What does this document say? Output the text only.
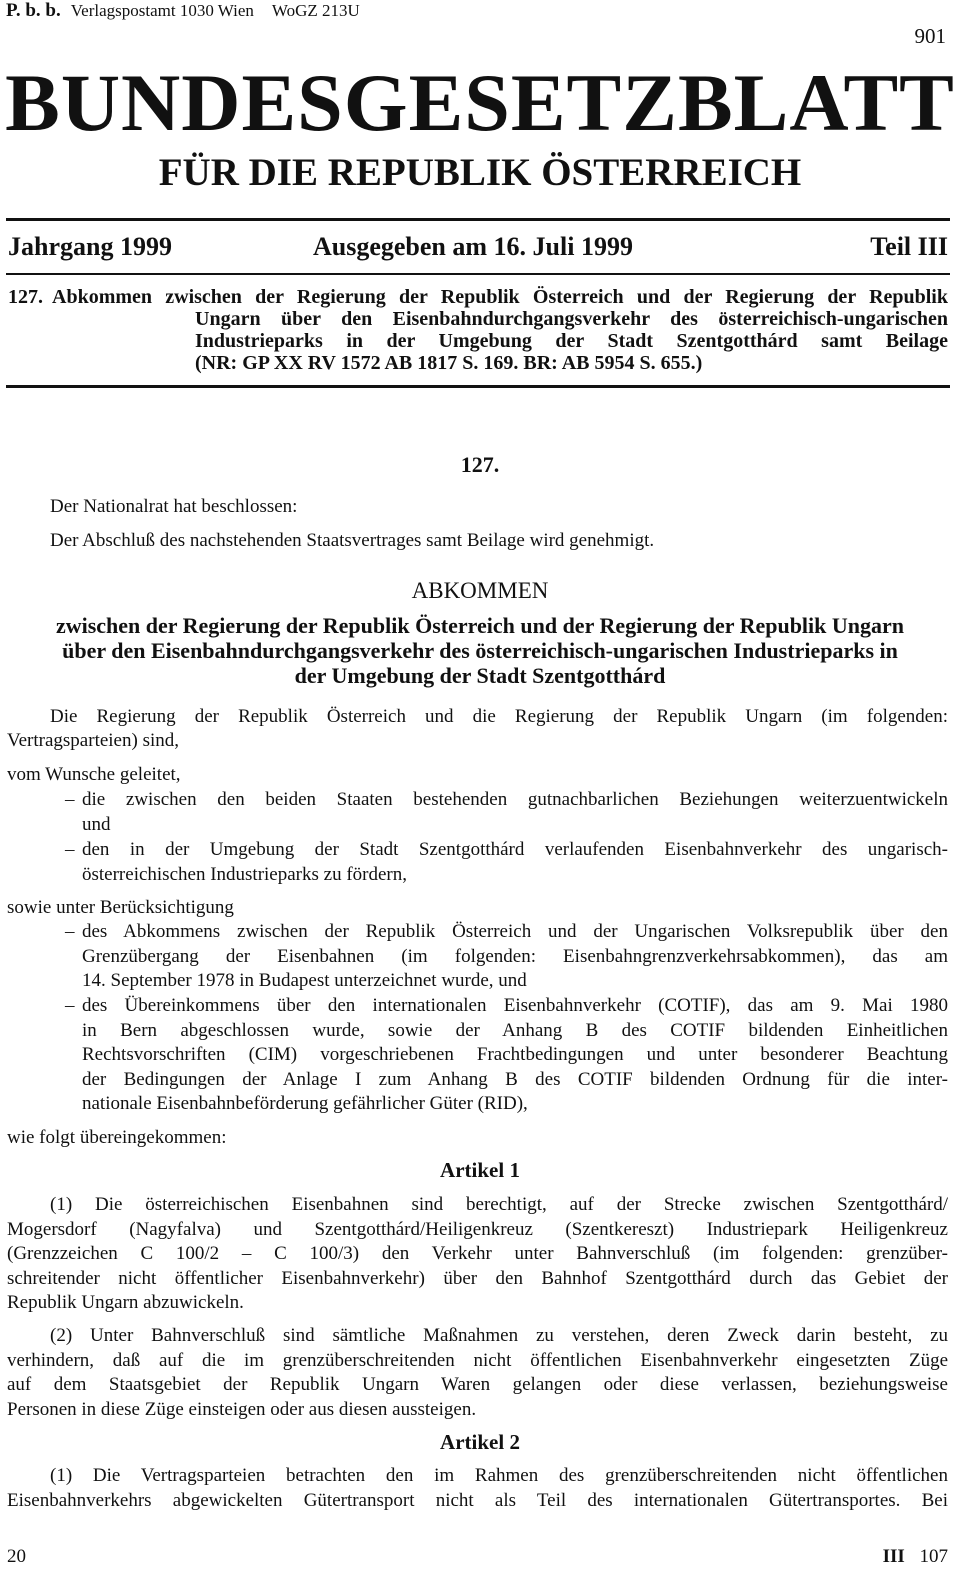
P. b. b. Verlagspostamt 1030 Wien WoGZ 213U
901
BUNDESGESETZBLATT
FÜR DIE REPUBLIK ÖSTERREICH
Jahrgang 1999	Ausgegeben am 16. Juli 1999	Teil III
127. Abkommen zwischen der Regierung der Republik Österreich und der Regierung der Republik
Ungarn über den Eisenbahndurchgangsverkehr des österreichisch-ungarischen
Industrieparks in der Umgebung der Stadt Szentgotthárd samt Beilage
(NR: GP XX RV 1572 AB 1817 S. 169. BR: AB 5954 S. 655.)
127.
Der Nationalrat hat beschlossen:
Der Abschluß des nachstehenden Staatsvertrages samt Beilage wird genehmigt.
ABKOMMEN
zwischen der Regierung der Republik Österreich und der Regierung der Republik Ungarn
über den Eisenbahndurchgangsverkehr des österreichisch-ungarischen Industrieparks in
der Umgebung der Stadt Szentgotthárd
Die Regierung der Republik Österreich und die Regierung der Republik Ungarn (im folgenden:
Vertragsparteien) sind,
vom Wunsche geleitet,
– die zwischen den beiden Staaten bestehenden gutnachbarlichen Beziehungen weiterzuentwickeln
und
– den in der Umgebung der Stadt Szentgotthárd verlaufenden Eisenbahnverkehr des ungarisch-
österreichischen Industrieparks zu fördern,
sowie unter Berücksichtigung
– des Abkommens zwischen der Republik Österreich und der Ungarischen Volksrepublik über den
Grenzübergang der Eisenbahnen (im folgenden: Eisenbahngrenzverkehrsabkommen), das am
14. September 1978 in Budapest unterzeichnet wurde, und
– des Übereinkommens über den internationalen Eisenbahnverkehr (COTIF), das am 9. Mai 1980
in Bern abgeschlossen wurde, sowie der Anhang B des COTIF bildenden Einheitlichen
Rechtsvorschriften (CIM) vorgeschriebenen Frachtbedingungen und unter besonderer Beachtung
der Bedingungen der Anlage I zum Anhang B des COTIF bildenden Ordnung für die inter-
nationale Eisenbahnbeförderung gefährlicher Güter (RID),
wie folgt übereingekommen:
Artikel 1
(1) Die österreichischen Eisenbahnen sind berechtigt, auf der Strecke zwischen Szentgotthárd/
Mogersdorf (Nagyfalva) und Szentgotthárd/Heiligenkreuz (Szentkereszt) Industriepark Heiligenkreuz
(Grenzzeichen C 100/2 – C 100/3) den Verkehr unter Bahnverschluß (im folgenden: grenzüber-
schreitender nicht öffentlicher Eisenbahnverkehr) über den Bahnhof Szentgotthárd durch das Gebiet der
Republik Ungarn abzuwickeln.
(2) Unter Bahnverschluß sind sämtliche Maßnahmen zu verstehen, deren Zweck darin besteht, zu
verhindern, daß auf die im grenzüberschreitenden nicht öffentlichen Eisenbahnverkehr eingesetzten Züge
auf dem Staatsgebiet der Republik Ungarn Waren gelangen oder diese verlassen, beziehungsweise
Personen in diese Züge einsteigen oder aus diesen aussteigen.
Artikel 2
(1) Die Vertragsparteien betrachten den im Rahmen des grenzüberschreitenden nicht öffentlichen
Eisenbahnverkehrs abgewickelten Gütertransport nicht als Teil des internationalen Gütertransportes. Bei
20	III 107
